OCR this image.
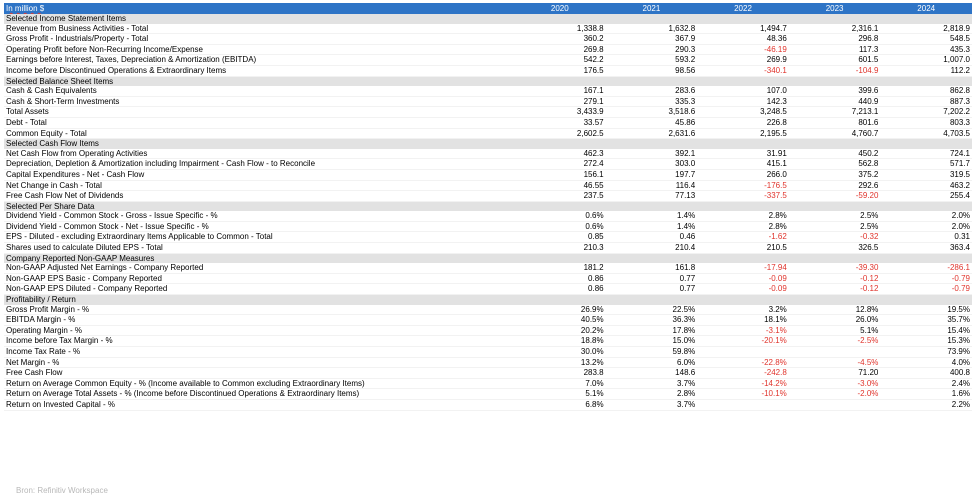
In million $	2020	2021	2022	2023	2024
Selected Income Statement Items					
Revenue from Business Activities - Total	1,338.8	1,632.8	1,494.7	2,316.1	2,818.9
Gross Profit - Industrials/Property - Total	360.2	367.9	48.36	296.8	548.5
Operating Profit before Non-Recurring Income/Expense	269.8	290.3	-46.19	117.3	435.3
Earnings before Interest, Taxes, Depreciation & Amortization (EBITDA)	542.2	593.2	269.9	601.5	1,007.0
Income before Discontinued Operations & Extraordinary Items	176.5	98.56	-340.1	-104.9	112.2
Selected Balance Sheet Items					
Cash & Cash Equivalents	167.1	283.6	107.0	399.6	862.8
Cash & Short-Term Investments	279.1	335.3	142.3	440.9	887.3
Total Assets	3,433.9	3,518.6	3,248.5	7,213.1	7,202.2
Debt - Total	33.57	45.86	226.8	801.6	803.3
Common Equity - Total	2,602.5	2,631.6	2,195.5	4,760.7	4,703.5
Selected Cash Flow Items					
Net Cash Flow from Operating Activities	462.3	392.1	31.91	450.2	724.1
Depreciation, Depletion & Amortization including Impairment - Cash Flow - to Reconcile	272.4	303.0	415.1	562.8	571.7
Capital Expenditures - Net - Cash Flow	156.1	197.7	266.0	375.2	319.5
Net Change in Cash - Total	46.55	116.4	-176.5	292.6	463.2
Free Cash Flow Net of Dividends	237.5	77.13	-337.5	-59.20	255.4
Selected Per Share Data					
Dividend Yield - Common Stock - Gross - Issue Specific - %	0.6%	1.4%	2.8%	2.5%	2.0%
Dividend Yield - Common Stock - Net - Issue Specific - %	0.6%	1.4%	2.8%	2.5%	2.0%
EPS - Diluted - excluding Extraordinary Items Applicable to Common - Total	0.85	0.46	-1.62	-0.32	0.31
Shares used to calculate Diluted EPS - Total	210.3	210.4	210.5	326.5	363.4
Company Reported Non-GAAP Measures					
Non-GAAP Adjusted Net Earnings - Company Reported	181.2	161.8	-17.94	-39.30	-286.1
Non-GAAP EPS Basic - Company Reported	0.86	0.77	-0.09	-0.12	-0.79
Non-GAAP EPS Diluted - Company Reported	0.86	0.77	-0.09	-0.12	-0.79
Profitability / Return					
Gross Profit Margin - %	26.9%	22.5%	3.2%	12.8%	19.5%
EBITDA Margin - %	40.5%	36.3%	18.1%	26.0%	35.7%
Operating Margin - %	20.2%	17.8%	-3.1%	5.1%	15.4%
Income before Tax Margin - %	18.8%	15.0%	-20.1%	-2.5%	15.3%
Income Tax Rate - %	30.0%	59.8%			73.9%
Net Margin - %	13.2%	6.0%	-22.8%	-4.5%	4.0%
Free Cash Flow	283.8	148.6	-242.8	71.20	400.8
Return on Average Common Equity - % (Income available to Common excluding Extraordinary Items)	7.0%	3.7%	-14.2%	-3.0%	2.4%
Return on Average Total Assets - % (Income before Discontinued Operations & Extraordinary Items)	5.1%	2.8%	-10.1%	-2.0%	1.6%
Return on Invested Capital - %	6.8%	3.7%			2.2%
Bron: Refinitiv Workspace
